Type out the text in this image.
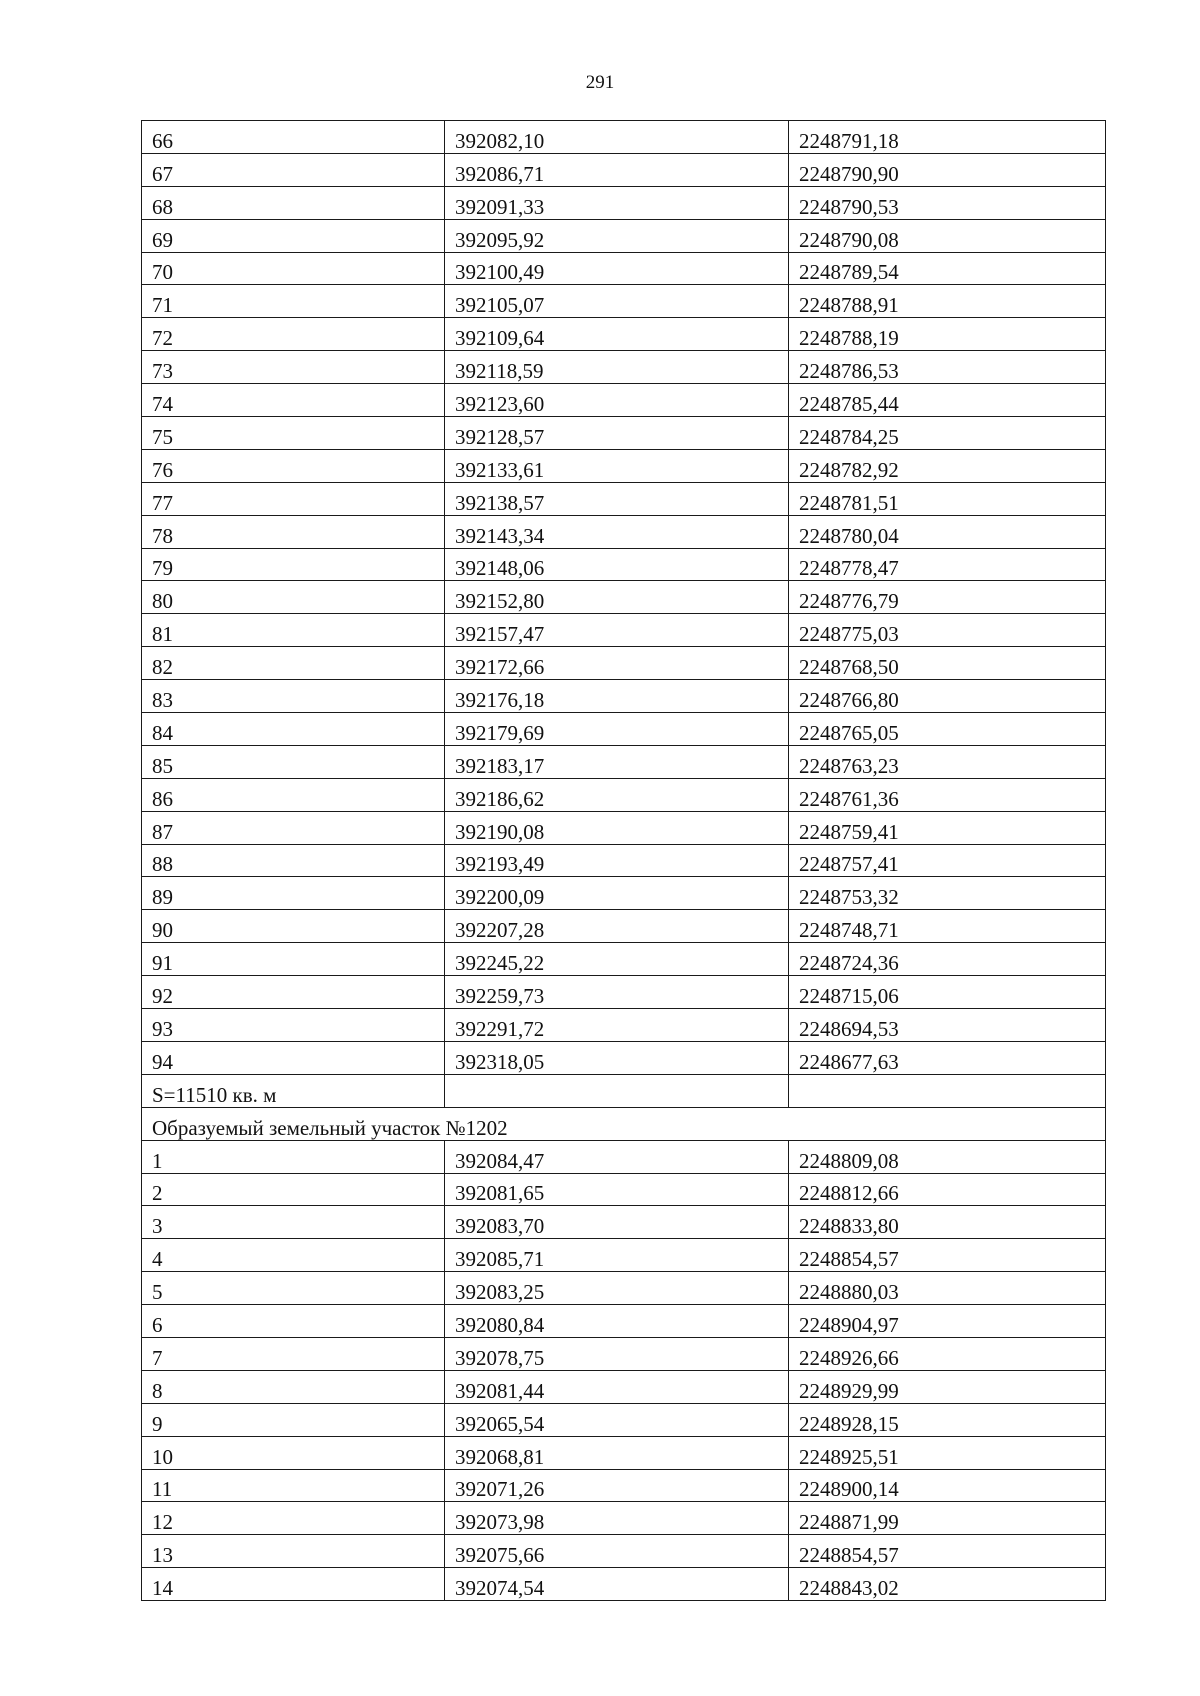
291
66	392082,10	2248791,18
67	392086,71	2248790,90
68	392091,33	2248790,53
69	392095,92	2248790,08
70	392100,49	2248789,54
71	392105,07	2248788,91
72	392109,64	2248788,19
73	392118,59	2248786,53
74	392123,60	2248785,44
75	392128,57	2248784,25
76	392133,61	2248782,92
77	392138,57	2248781,51
78	392143,34	2248780,04
79	392148,06	2248778,47
80	392152,80	2248776,79
81	392157,47	2248775,03
82	392172,66	2248768,50
83	392176,18	2248766,80
84	392179,69	2248765,05
85	392183,17	2248763,23
86	392186,62	2248761,36
87	392190,08	2248759,41
88	392193,49	2248757,41
89	392200,09	2248753,32
90	392207,28	2248748,71
91	392245,22	2248724,36
92	392259,73	2248715,06
93	392291,72	2248694,53
94	392318,05	2248677,63
S=11510 кв. м		
Образуемый земельный участок №1202		
1	392084,47	2248809,08
2	392081,65	2248812,66
3	392083,70	2248833,80
4	392085,71	2248854,57
5	392083,25	2248880,03
6	392080,84	2248904,97
7	392078,75	2248926,66
8	392081,44	2248929,99
9	392065,54	2248928,15
10	392068,81	2248925,51
11	392071,26	2248900,14
12	392073,98	2248871,99
13	392075,66	2248854,57
14	392074,54	2248843,02
